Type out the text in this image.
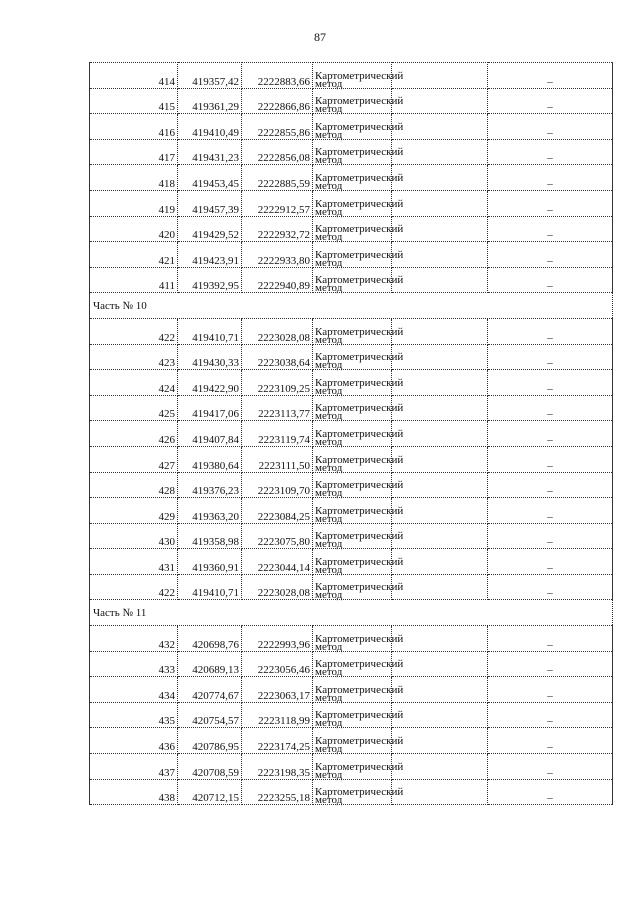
87
414	419357,42	2222883,66	Картометрический метод		–
415	419361,29	2222866,86	Картометрический метод		–
416	419410,49	2222855,86	Картометрический метод		–
417	419431,23	2222856,08	Картометрический метод		–
418	419453,45	2222885,59	Картометрический метод		–
419	419457,39	2222912,57	Картометрический метод		–
420	419429,52	2222932,72	Картометрический метод		–
421	419423,91	2222933,80	Картометрический метод		–
411	419392,95	2222940,89	Картометрический метод		–
Часть № 10					
422	419410,71	2223028,08	Картометрический метод		–
423	419430,33	2223038,64	Картометрический метод		–
424	419422,90	2223109,25	Картометрический метод		–
425	419417,06	2223113,77	Картометрический метод		–
426	419407,84	2223119,74	Картометрический метод		–
427	419380,64	2223111,50	Картометрический метод		–
428	419376,23	2223109,70	Картометрический метод		–
429	419363,20	2223084,25	Картометрический метод		–
430	419358,98	2223075,80	Картометрический метод		–
431	419360,91	2223044,14	Картометрический метод		–
422	419410,71	2223028,08	Картометрический метод		–
Часть № 11					
432	420698,76	2222993,96	Картометрический метод		–
433	420689,13	2223056,46	Картометрический метод		–
434	420774,67	2223063,17	Картометрический метод		–
435	420754,57	2223118,99	Картометрический метод		–
436	420786,95	2223174,25	Картометрический метод		–
437	420708,59	2223198,35	Картометрический метод		–
438	420712,15	2223255,18	Картометрический метод		–
